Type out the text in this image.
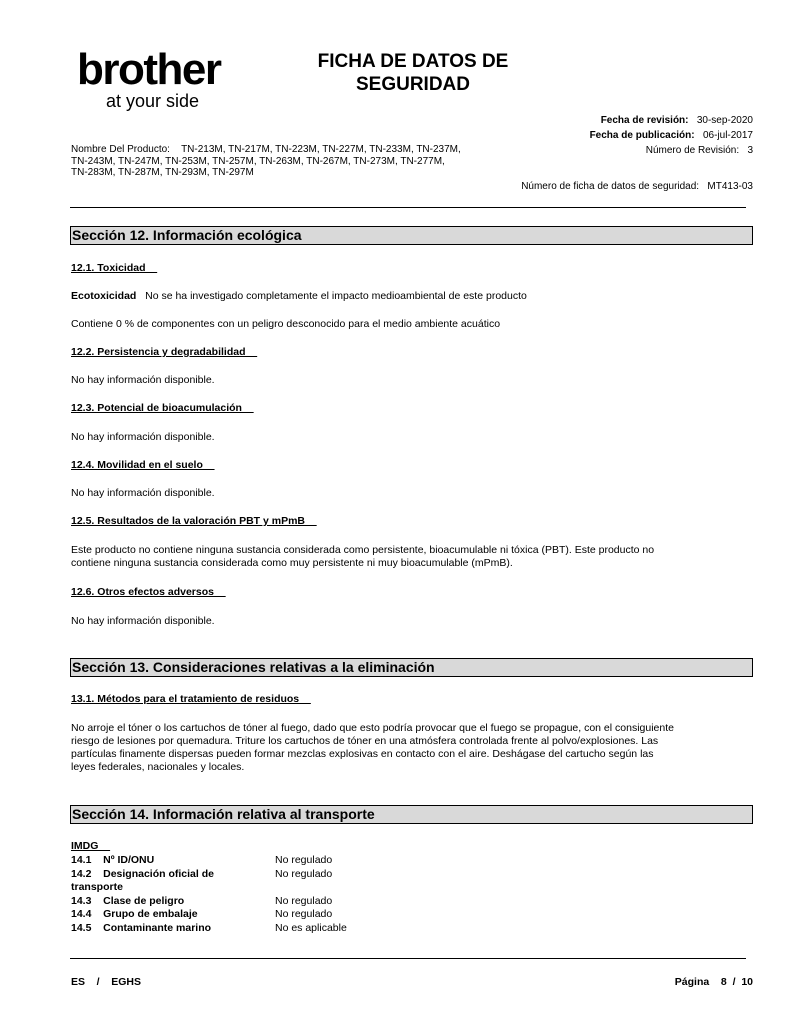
brother
at your side
FICHA DE DATOS DE
SEGURIDAD
Fecha de revisión: 30-sep-2020
Fecha de publicación: 06-jul-2017
Número de Revisión: 3
Número de ficha de datos de seguridad: MT413-03
Nombre Del Producto: TN-213M, TN-217M, TN-223M, TN-227M, TN-233M, TN-237M,
TN-243M, TN-247M, TN-253M, TN-257M, TN-263M, TN-267M, TN-273M, TN-277M,
TN-283M, TN-287M, TN-293M, TN-297M
Sección 12. Información ecológica
12.1. Toxicidad
Ecotoxicidad No se ha investigado completamente el impacto medioambiental de este producto
Contiene 0 % de componentes con un peligro desconocido para el medio ambiente acuático
12.2. Persistencia y degradabilidad
No hay información disponible.
12.3. Potencial de bioacumulación
No hay información disponible.
12.4. Movilidad en el suelo
No hay información disponible.
12.5. Resultados de la valoración PBT y mPmB
Este producto no contiene ninguna sustancia considerada como persistente, bioacumulable ni tóxica (PBT). Este producto no
contiene ninguna sustancia considerada como muy persistente ni muy bioacumulable (mPmB).
12.6. Otros efectos adversos
No hay información disponible.
Sección 13. Consideraciones relativas a la eliminación
13.1. Métodos para el tratamiento de residuos
No arroje el tóner o los cartuchos de tóner al fuego, dado que esto podría provocar que el fuego se propague, con el consiguiente
riesgo de lesiones por quemadura. Triture los cartuchos de tóner en una atmósfera controlada frente al polvo/explosiones. Las
partículas finamente dispersas pueden formar mezclas explosivas en contacto con el aire. Deshágase del cartucho según las
leyes federales, nacionales y locales.
Sección 14. Información relativa al transporte
IMDG
14.1    Nº ID/ONU	No regulado
14.2    Designación oficial de	No regulado
transporte
14.3    Clase de peligro	No regulado
14.4    Grupo de embalaje	No regulado
14.5    Contaminante marino	No es aplicable
ES    /    EGHS	Página    8  /  10
